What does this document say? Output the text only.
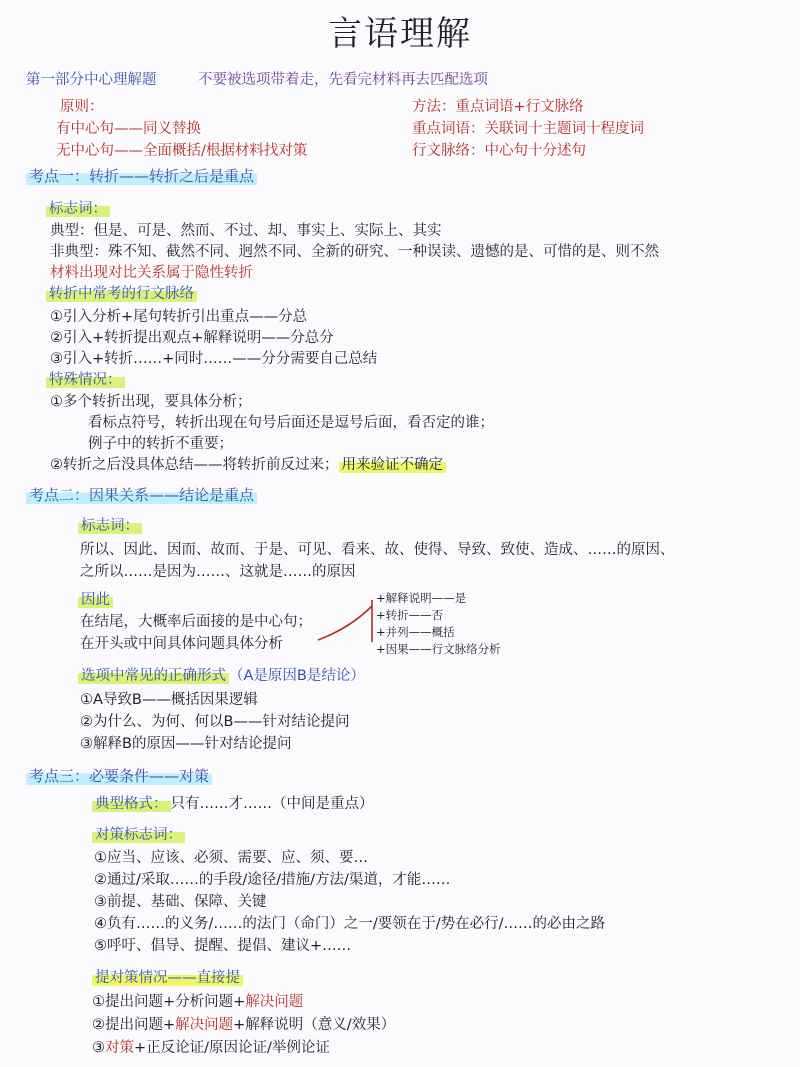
言语理解
第一部分中心理解题	不要被选项带着走，先看完材料再去匹配选项
原则：
有中心句——同义替换
无中心句——全面概括/根据材料找对策
方法：重点词语+行文脉络
重点词语：关联词十主题词十程度词
行文脉络：中心句十分述句
考点一：转折——转折之后是重点
标志词：
典型：但是、可是、然而、不过、却、事实上、实际上、其实
非典型：殊不知、截然不同、迥然不同、全新的研究、一种误读、遗憾的是、可惜的是、则不然
材料出现对比关系属于隐性转折
转折中常考的行文脉络
①引入分析+尾句转折引出重点——分总
②引入+转折提出观点+解释说明——分总分
③引入+转折……+同时……——分分需要自己总结
特殊情况：
①多个转折出现，要具体分析；
看标点符号，转折出现在句号后面还是逗号后面，看否定的谁；
例子中的转折不重要；
②转折之后没具体总结——将转折前反过来； 用来验证不确定
考点二：因果关系——结论是重点
标志词：
所以、因此、因而、故而、于是、可见、看来、故、使得、导致、致使、造成、……的原因、
之所以……是因为……、这就是……的原因
因此
在结尾，大概率后面接的是中心句；
在开头或中间具体问题具体分析
+解释说明——是
+转折——否
+并列——概括
+因果——行文脉络分析
选项中常见的正确形式 （A是原因B是结论）
①A导致B——概括因果逻辑
②为什么、为何、何以B——针对结论提问
③解释B的原因——针对结论提问
考点三：必要条件——对策
典型格式： 只有……才……（中间是重点）
对策标志词：
①应当、应该、必须、需要、应、须、要…
②通过/采取……的手段/途径/措施/方法/渠道，才能……
③前提、基础、保障、关键
④负有……的义务/……的法门（命门）之一/要领在于/势在必行/……的必由之路
⑤呼吁、倡导、提醒、提倡、建议+……
提对策情况——直接提
①提出问题+分析问题+解决问题
②提出问题+解决问题+解释说明（意义/效果）
③对策+正反论证/原因论证/举例论证
